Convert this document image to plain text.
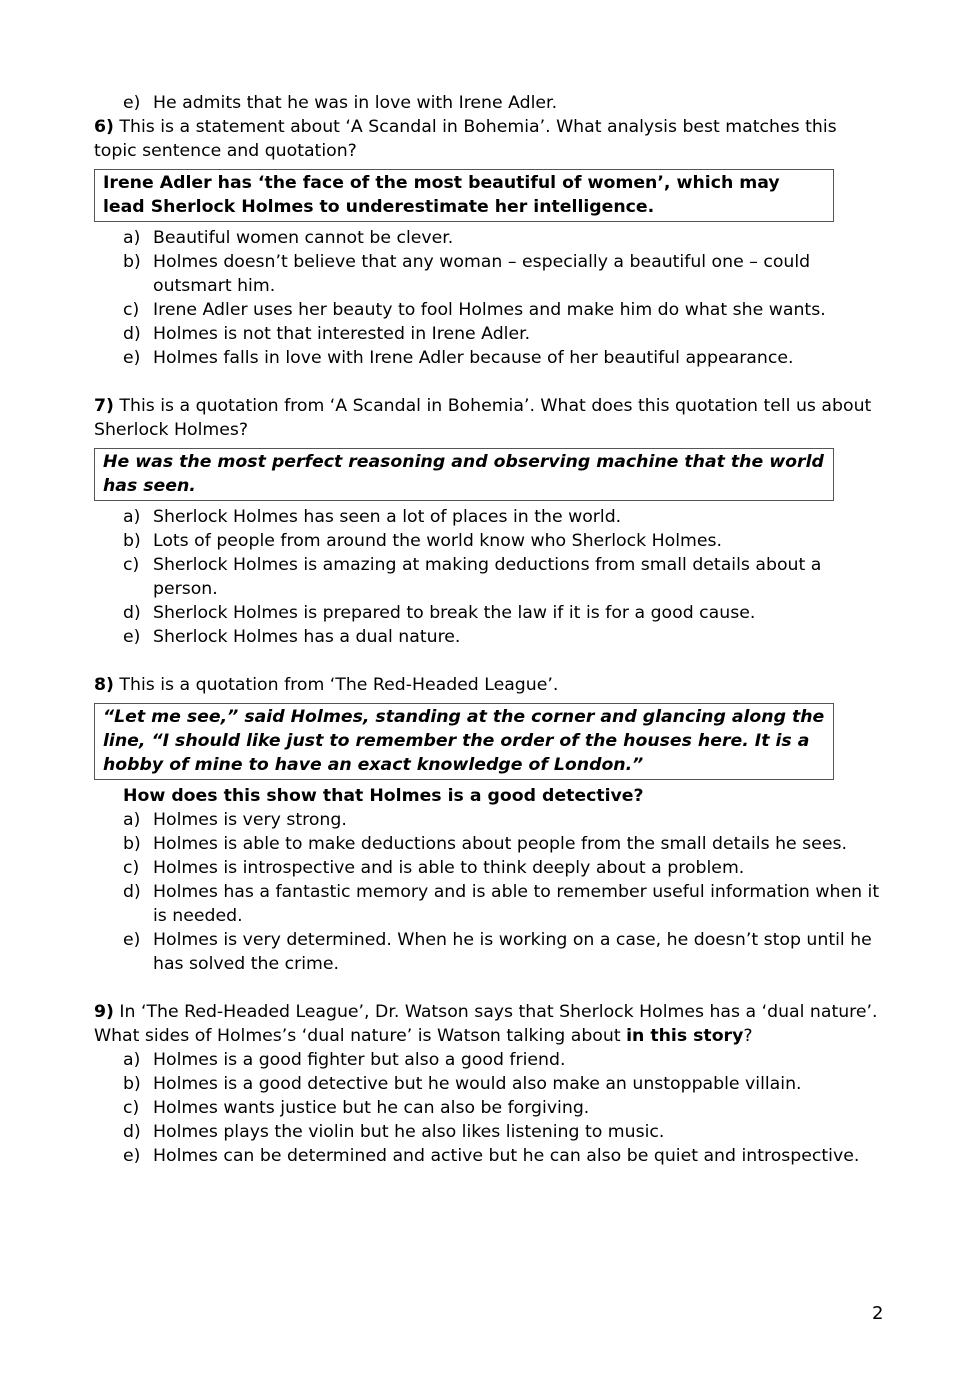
e) He admits that he was in love with Irene Adler.

6) This is a statement about ‘A Scandal in Bohemia’. What analysis best matches this topic sentence and quotation?

Irene Adler has ‘the face of the most beautiful of women’, which may lead Sherlock Holmes to underestimate her intelligence.
a) Beautiful women cannot be clever.
b) Holmes doesn’t believe that any woman – especially a beautiful one – could outsmart him.
c) Irene Adler uses her beauty to fool Holmes and make him do what she wants.
d) Holmes is not that interested in Irene Adler.
e) Holmes falls in love with Irene Adler because of her beautiful appearance.

7) This is a quotation from ‘A Scandal in Bohemia’. What does this quotation tell us about Sherlock Holmes?

He was the most perfect reasoning and observing machine that the world has seen.
a) Sherlock Holmes has seen a lot of places in the world.
b) Lots of people from around the world know who Sherlock Holmes.
c) Sherlock Holmes is amazing at making deductions from small details about a person.
d) Sherlock Holmes is prepared to break the law if it is for a good cause.
e) Sherlock Holmes has a dual nature.

8) This is a quotation from ‘The Red-Headed League’.

“Let me see,” said Holmes, standing at the corner and glancing along the line, “I should like just to remember the order of the houses here. It is a hobby of mine to have an exact knowledge of London.”
How does this show that Holmes is a good detective?
a) Holmes is very strong.
b) Holmes is able to make deductions about people from the small details he sees.
c) Holmes is introspective and is able to think deeply about a problem.
d) Holmes has a fantastic memory and is able to remember useful information when it is needed.
e) Holmes is very determined. When he is working on a case, he doesn’t stop until he has solved the crime.

9) In ‘The Red-Headed League’, Dr. Watson says that Sherlock Holmes has a ‘dual nature’. What sides of Holmes’s ‘dual nature’ is Watson talking about in this story?

a) Holmes is a good fighter but also a good friend.
b) Holmes is a good detective but he would also make an unstoppable villain.
c) Holmes wants justice but he can also be forgiving.
d) Holmes plays the violin but he also likes listening to music.
e) Holmes can be determined and active but he can also be quiet and introspective.
2
